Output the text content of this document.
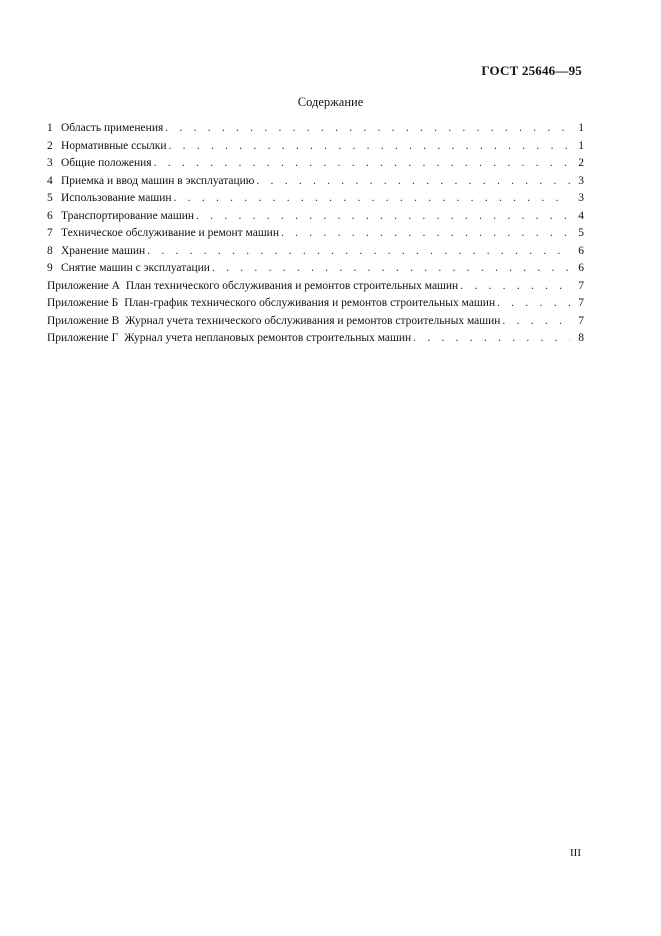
ГОСТ 25646—95
Содержание
1 Область применения . . .	1
2 Нормативные ссылки . . .	1
3 Общие положения . . .	2
4 Приемка и ввод машин в эксплуатацию . . .	3
5 Использование машин . . .	3
6 Транспортирование машин . . .	4
7 Техническое обслуживание и ремонт машин . . .	5
8 Хранение машин . . .	6
9 Снятие машин с эксплуатации . . .	6
Приложение А План технического обслуживания и ремонтов строительных машин . . .	7
Приложение Б План-график технического обслуживания и ремонтов строительных машин . . .	7
Приложение В Журнал учета технического обслуживания и ремонтов строительных машин . . .	7
Приложение Г Журнал учета неплановых ремонтов строительных машин . . .	8
III
